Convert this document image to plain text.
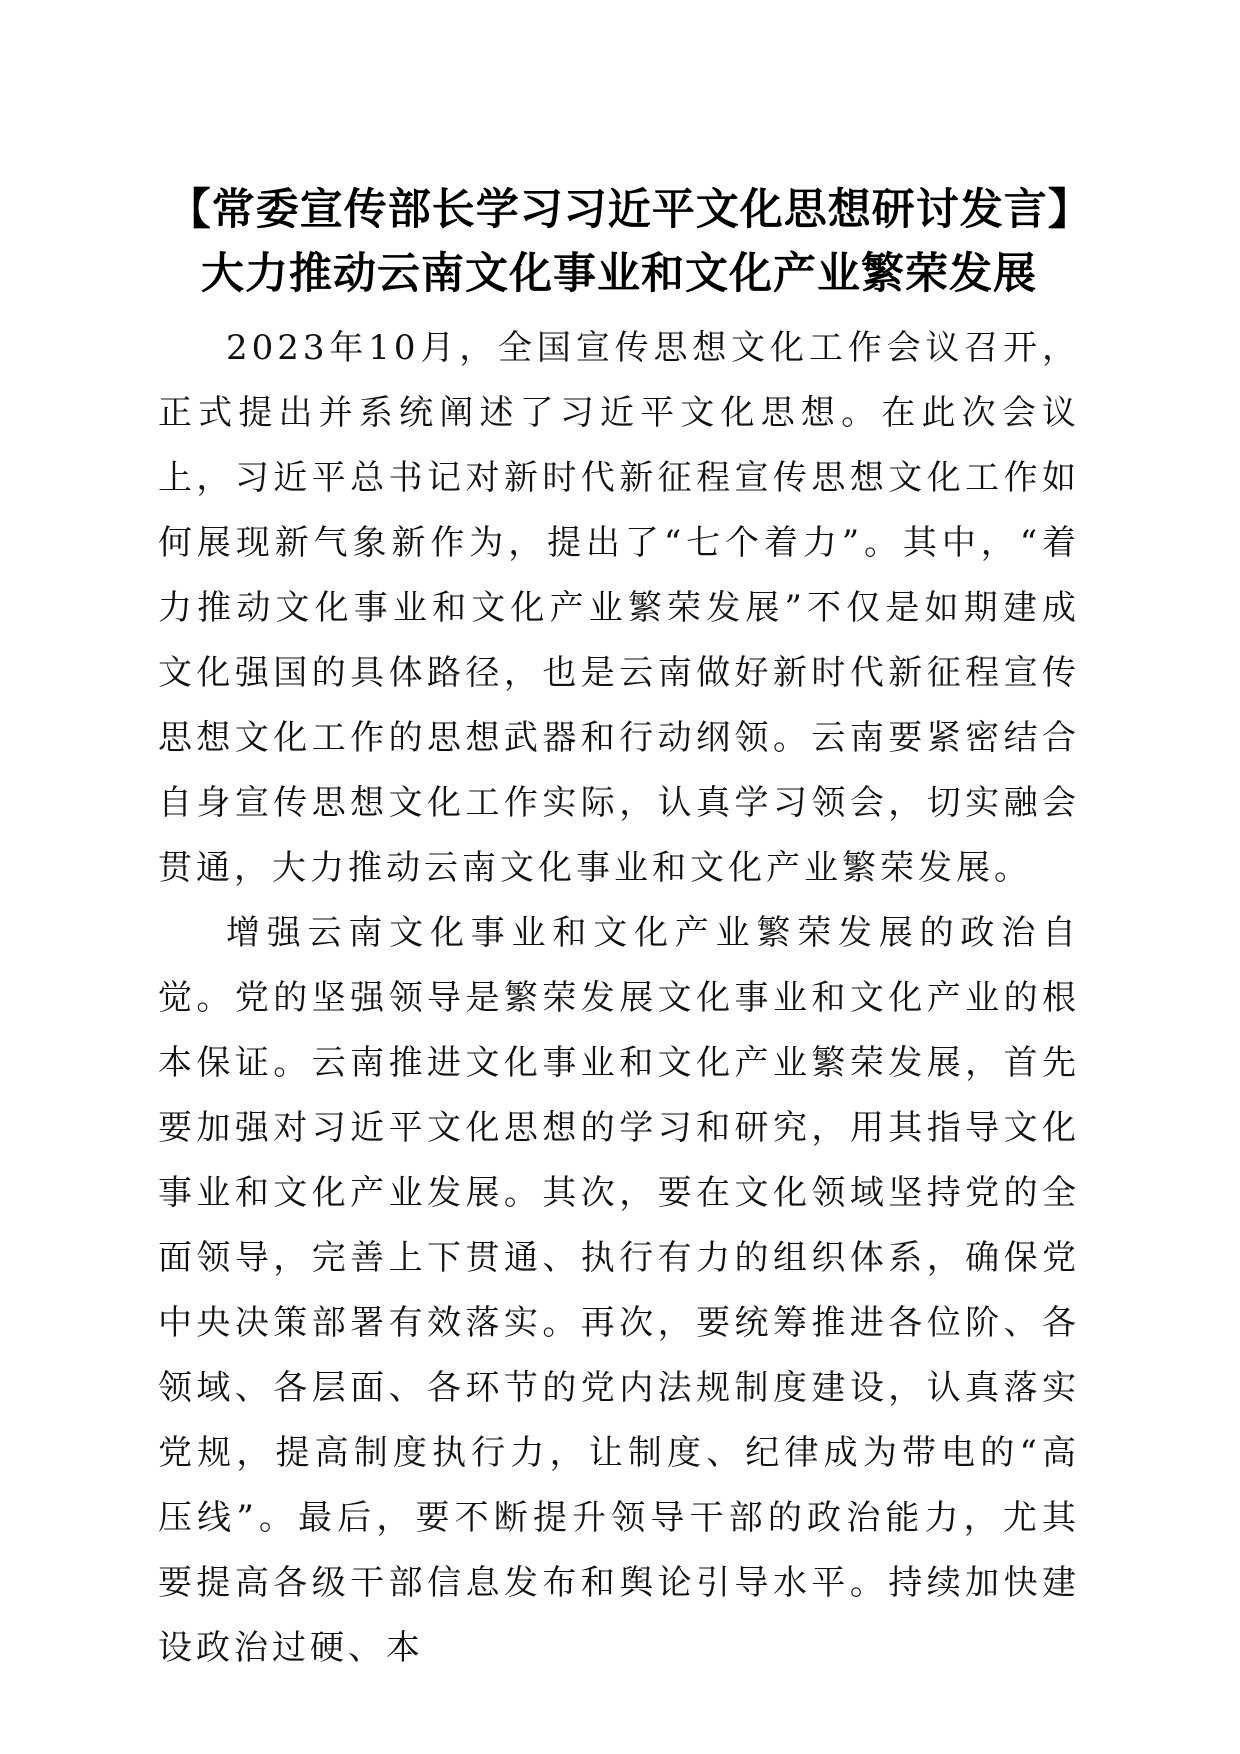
【常委宣传部长学习习近平文化思想研讨发言】大力推动云南文化事业和文化产业繁荣发展

2023年10月，全国宣传思想文化工作会议召开，正式提出并系统阐述了习近平文化思想。在此次会议上，习近平总书记对新时代新征程宣传思想文化工作如何展现新气象新作为，提出了“七个着力”。其中，“着力推动文化事业和文化产业繁荣发展”不仅是如期建成文化强国的具体路径，也是云南做好新时代新征程宣传思想文化工作的思想武器和行动纲领。云南要紧密结合自身宣传思想文化工作实际，认真学习领会，切实融会贯通，大力推动云南文化事业和文化产业繁荣发展。

增强云南文化事业和文化产业繁荣发展的政治自觉。党的坚强领导是繁荣发展文化事业和文化产业的根本保证。云南推进文化事业和文化产业繁荣发展，首先要加强对习近平文化思想的学习和研究，用其指导文化事业和文化产业发展。其次，要在文化领域坚持党的全面领导，完善上下贯通、执行有力的组织体系，确保党中央决策部署有效落实。再次，要统筹推进各位阶、各领域、各层面、各环节的党内法规制度建设，认真落实党规，提高制度执行力，让制度、纪律成为带电的“高压线”。最后，要不断提升领导干部的政治能力，尤其要提高各级干部信息发布和舆论引导水平。持续加快建设政治过硬、本
